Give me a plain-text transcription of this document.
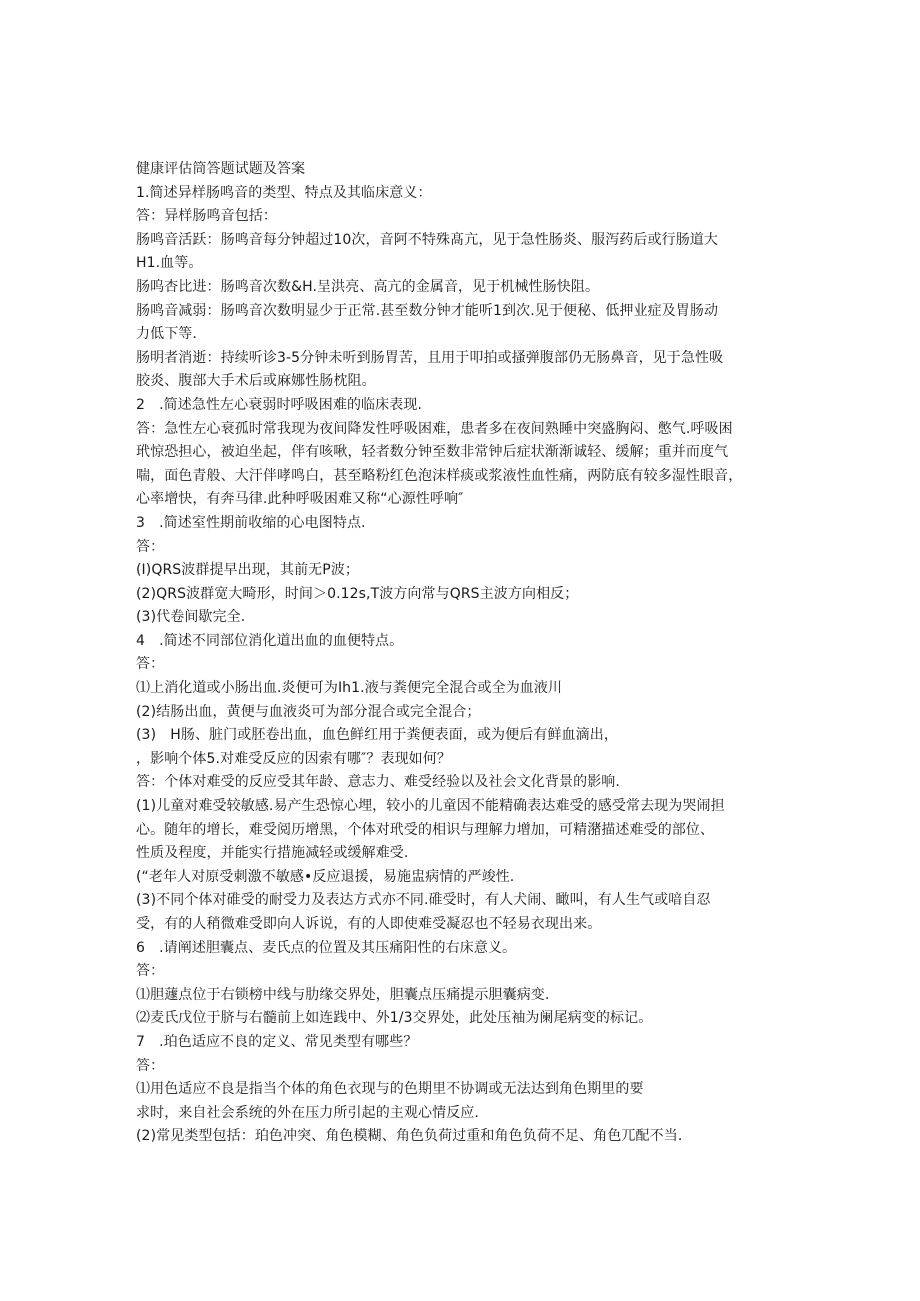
健康评估筒答题试题及答案
1.简述异样肠鸣音的类型、特点及其临床意义：
答：异样肠鸣音包括：
肠鸣音活跃：肠鸣音每分钟超过10次，音阿不特殊髙亢，见于急性肠炎、服泻药后或行肠道大
H1.血等。
肠呜杏比进：肠鸣音次数&H.呈洪亮、高亢的金属音，见于机械性肠快阻。
肠鸣音减弱：肠鸣音次数明显少于正常.甚至数分钟才能听1到次.见于便秘、低押业症及胃肠动
力低下等.
肠明者消逝：持续听诊3-5分钟未听到肠胃苦，且用于叩拍或搔弹腹部仍无肠鼻音，见于急性吸
胶炎、腹部大手术后或麻娜性肠枕阻。
2　.简述急性左心衰弱时呼吸困难的临床表现.
答：急性左心衰孤时常我现为夜间降发性呼吸困难，患者多在夜间熟睡中突盛胸闷、憋气.呼吸困
玳惊恐担心，被迫坐起，伴有咳啾，轻者数分钟至数非常钟后症状渐渐诚轻、缓解；重并而度气
喘，面色青般、大汗伴哮鸣白，甚至略粉红色泡沫样痰或浆液性血性痛，两防底有较多湿性眼音，
心率增快，有奔马律.此种呼吸困难又称“心源性呼响″
3　.简述室性期前收缩的心电图特点.
答：
(I)QRS波群提早出现，其前无P波；
(2)QRS波群宽大畸形，时间＞0.12s,T波方向常与QRS主波方向相反；
(3)代卷间歇完全.
4　.简述不同部位消化道出血的血便特点。
答：
⑴上消化道或小肠出血.炎便可为Ih1.液与粪便完全混合或全为血液川
(2)结肠出血，黄便与血液炎可为部分混合或完全混合；
(3)　H肠、脏门或胚卷出血，血色鲜红用于粪便表面，或为便后有鲜血滴出，
，影响个体5.对难受反应的因索有哪″？表现如何？
答：个体对难受的反应受其年龄、意志力、难受经验以及社会文化背景的影响.
(1)儿童对难受较敏感.易产生恐惊心埋，较小的儿童因不能精确表达难受的感受常去现为哭闹担
心。随年的增长，难受阅历增黑，个体对玳受的相识与理解力增加，可精潴描述难受的部位、
性质及程度，并能实行措施减轻或缓解难受.
(“老年人对原受刺激不敏感•反应退援，易施盅病情的严竣性.
(3)不同个体对碓受的耐受力及表达方式亦不同.碓受时，有人犬闹、瞰叫，有人生气或喑自忍
受，有的人稍微难受即向人诉说，有的人即使难受凝忍也不轻易衣现出来。
6　.请阐述胆囊点、麦氏点的位置及其压痛阳性的右床意义。
答：
⑴胆蘧点位于右锁榜中线与肋缘交界处，胆囊点压痛提示胆囊病变.
⑵麦氏戊位于脐与右髓前上如连践中、外1/3交界处，此处压袖为阑尾病变的标记。
7　.珀色适应不良的定义、常见类型有哪些？
答：
⑴用色适应不良是指当个体的角色衣现与的色期里不协调或无法达到角色期里的要
求时，来自社会系统的外在压力所引起的主观心情反应.
(2)常见类型包括：珀色冲突、角色模糊、角色负荷过重和角色负荷不足、角色兀配不当.
